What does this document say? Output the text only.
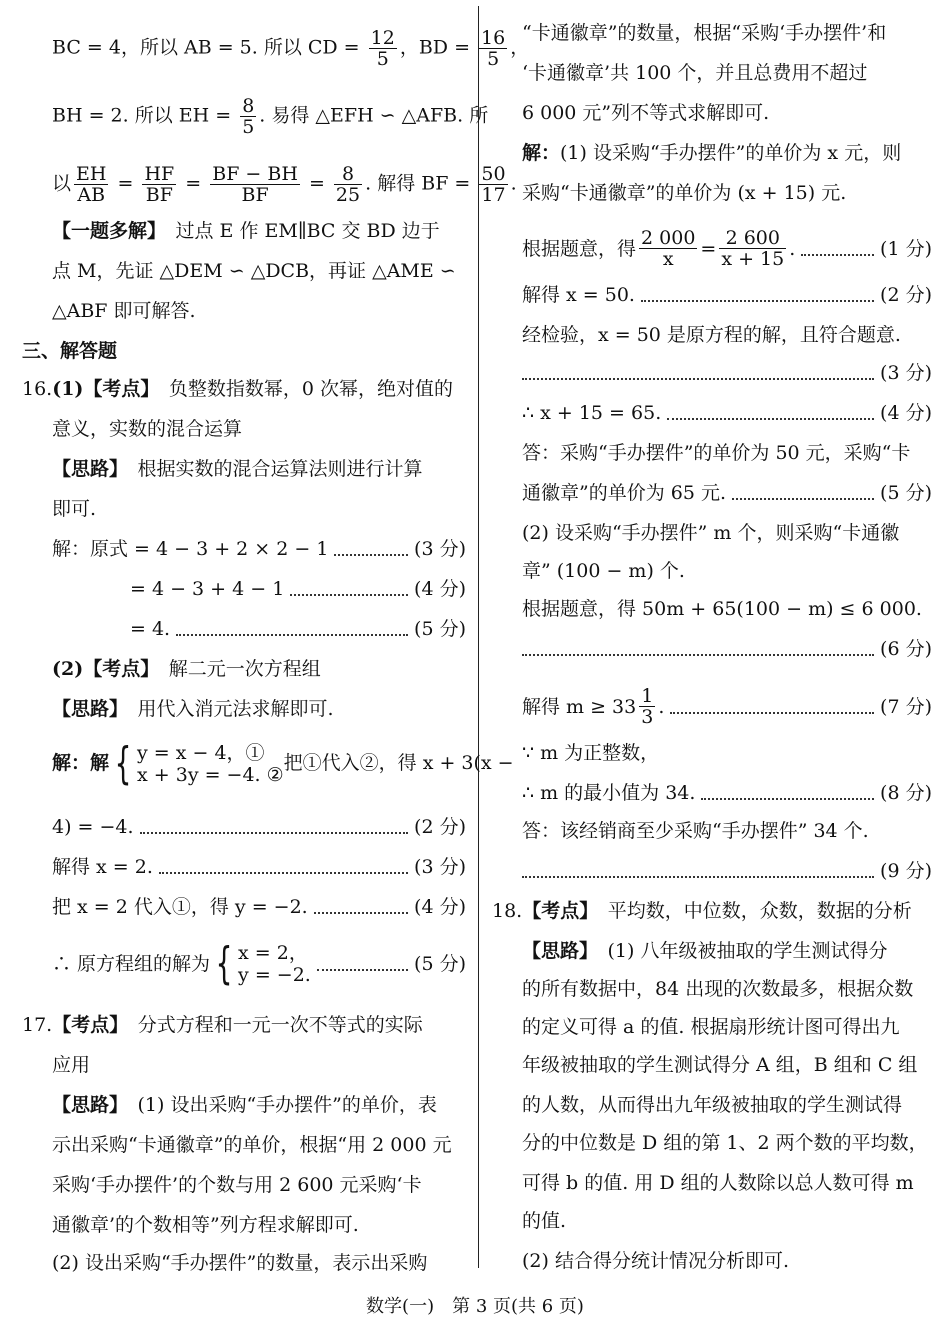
BC = 4，所以 AB = 5. 所以 CD = $\frac{12}{5}$ ，BD = $\frac{16}{5}$ ，
BH = 2. 所以 EH = $\frac{8}{5}$ . 易得 △EFH ∽ △AFB. 所
以 $\frac{EH}{AB} = \frac{HF}{BF} = \frac{BF - BH}{BF} = \frac{8}{25}$ . 解得 BF = $\frac{50}{17}$ .
【一题多解】　过点 E 作 EM∥BC 交 BD 边于
点 M，先证 △DEM ∽ △DCB，再证 △AME ∽
△ABF 即可解答.
三、解答题
16.(1)【考点】　负整数指数幂，0 次幂，绝对值的
意义，实数的混合运算
【思路】　根据实数的混合运算法则进行计算
即可.
解：原式 = 4 − 3 + 2 × 2 − 1	(3 分)
= 4 − 3 + 4 − 1	(4 分)
= 4.	(5 分)
(2)【考点】　解二元一次方程组
【思路】　用代入消元法求解即可.
解：解 { y = x − 4，①
x + 3y = −4. ②
把①代入②，得 x + 3(x −
4) = −4.	(2 分)
解得 x = 2.	(3 分)
把 x = 2 代入①，得 y = −2.	(4 分)
∴ 原方程组的解为 { x = 2，
y = −2.	(5 分)
17.【考点】　分式方程和一元一次不等式的实际
应用
【思路】　(1) 设出采购“手办摆件”的单价，表
示出采购“卡通徽章”的单价，根据“用 2 000 元
采购‘手办摆件’的个数与用 2 600 元采购‘卡
通徽章’的个数相等”列方程求解即可.
(2) 设出采购“手办摆件”的数量，表示出采购
“卡通徽章”的数量，根据“采购‘手办摆件’和
‘卡通徽章’共 100 个，并且总费用不超过
6 000 元”列不等式求解即可.
解：(1) 设采购“手办摆件”的单价为 x 元，则
采购“卡通徽章”的单价为 (x + 15) 元.
根据题意，得 $\frac{2 000}{x} = \frac{2 600}{x + 15}$ .	(1 分)
解得 x = 50.	(2 分)
经检验，x = 50 是原方程的解，且符合题意.
(3 分)
∴ x + 15 = 65.	(4 分)
答：采购“手办摆件”的单价为 50 元，采购“卡
通徽章”的单价为 65 元.	(5 分)
(2) 设采购“手办摆件” m 个，则采购“卡通徽
章” (100 − m) 个.
根据题意，得 50m + 65(100 − m) ≤ 6 000.
(6 分)
解得 $m \ge 33 \frac{1}{3}$ .	(7 分)
∵ m 为正整数，
∴ m 的最小值为 34.	(8 分)
答：该经销商至少采购“手办摆件” 34 个.
(9 分)
18.【考点】　平均数，中位数，众数，数据的分析
【思路】　(1) 八年级被抽取的学生测试得分
的所有数据中，84 出现的次数最多，根据众数
的定义可得 a 的值. 根据扇形统计图可得出九
年级被抽取的学生测试得分 A 组，B 组和 C 组
的人数，从而得出九年级被抽取的学生测试得
分的中位数是 D 组的第 1、2 两个数的平均数，
可得 b 的值. 用 D 组的人数除以总人数可得 m
的值.
(2) 结合得分统计情况分析即可.
数学(一)　第 3 页(共 6 页)
